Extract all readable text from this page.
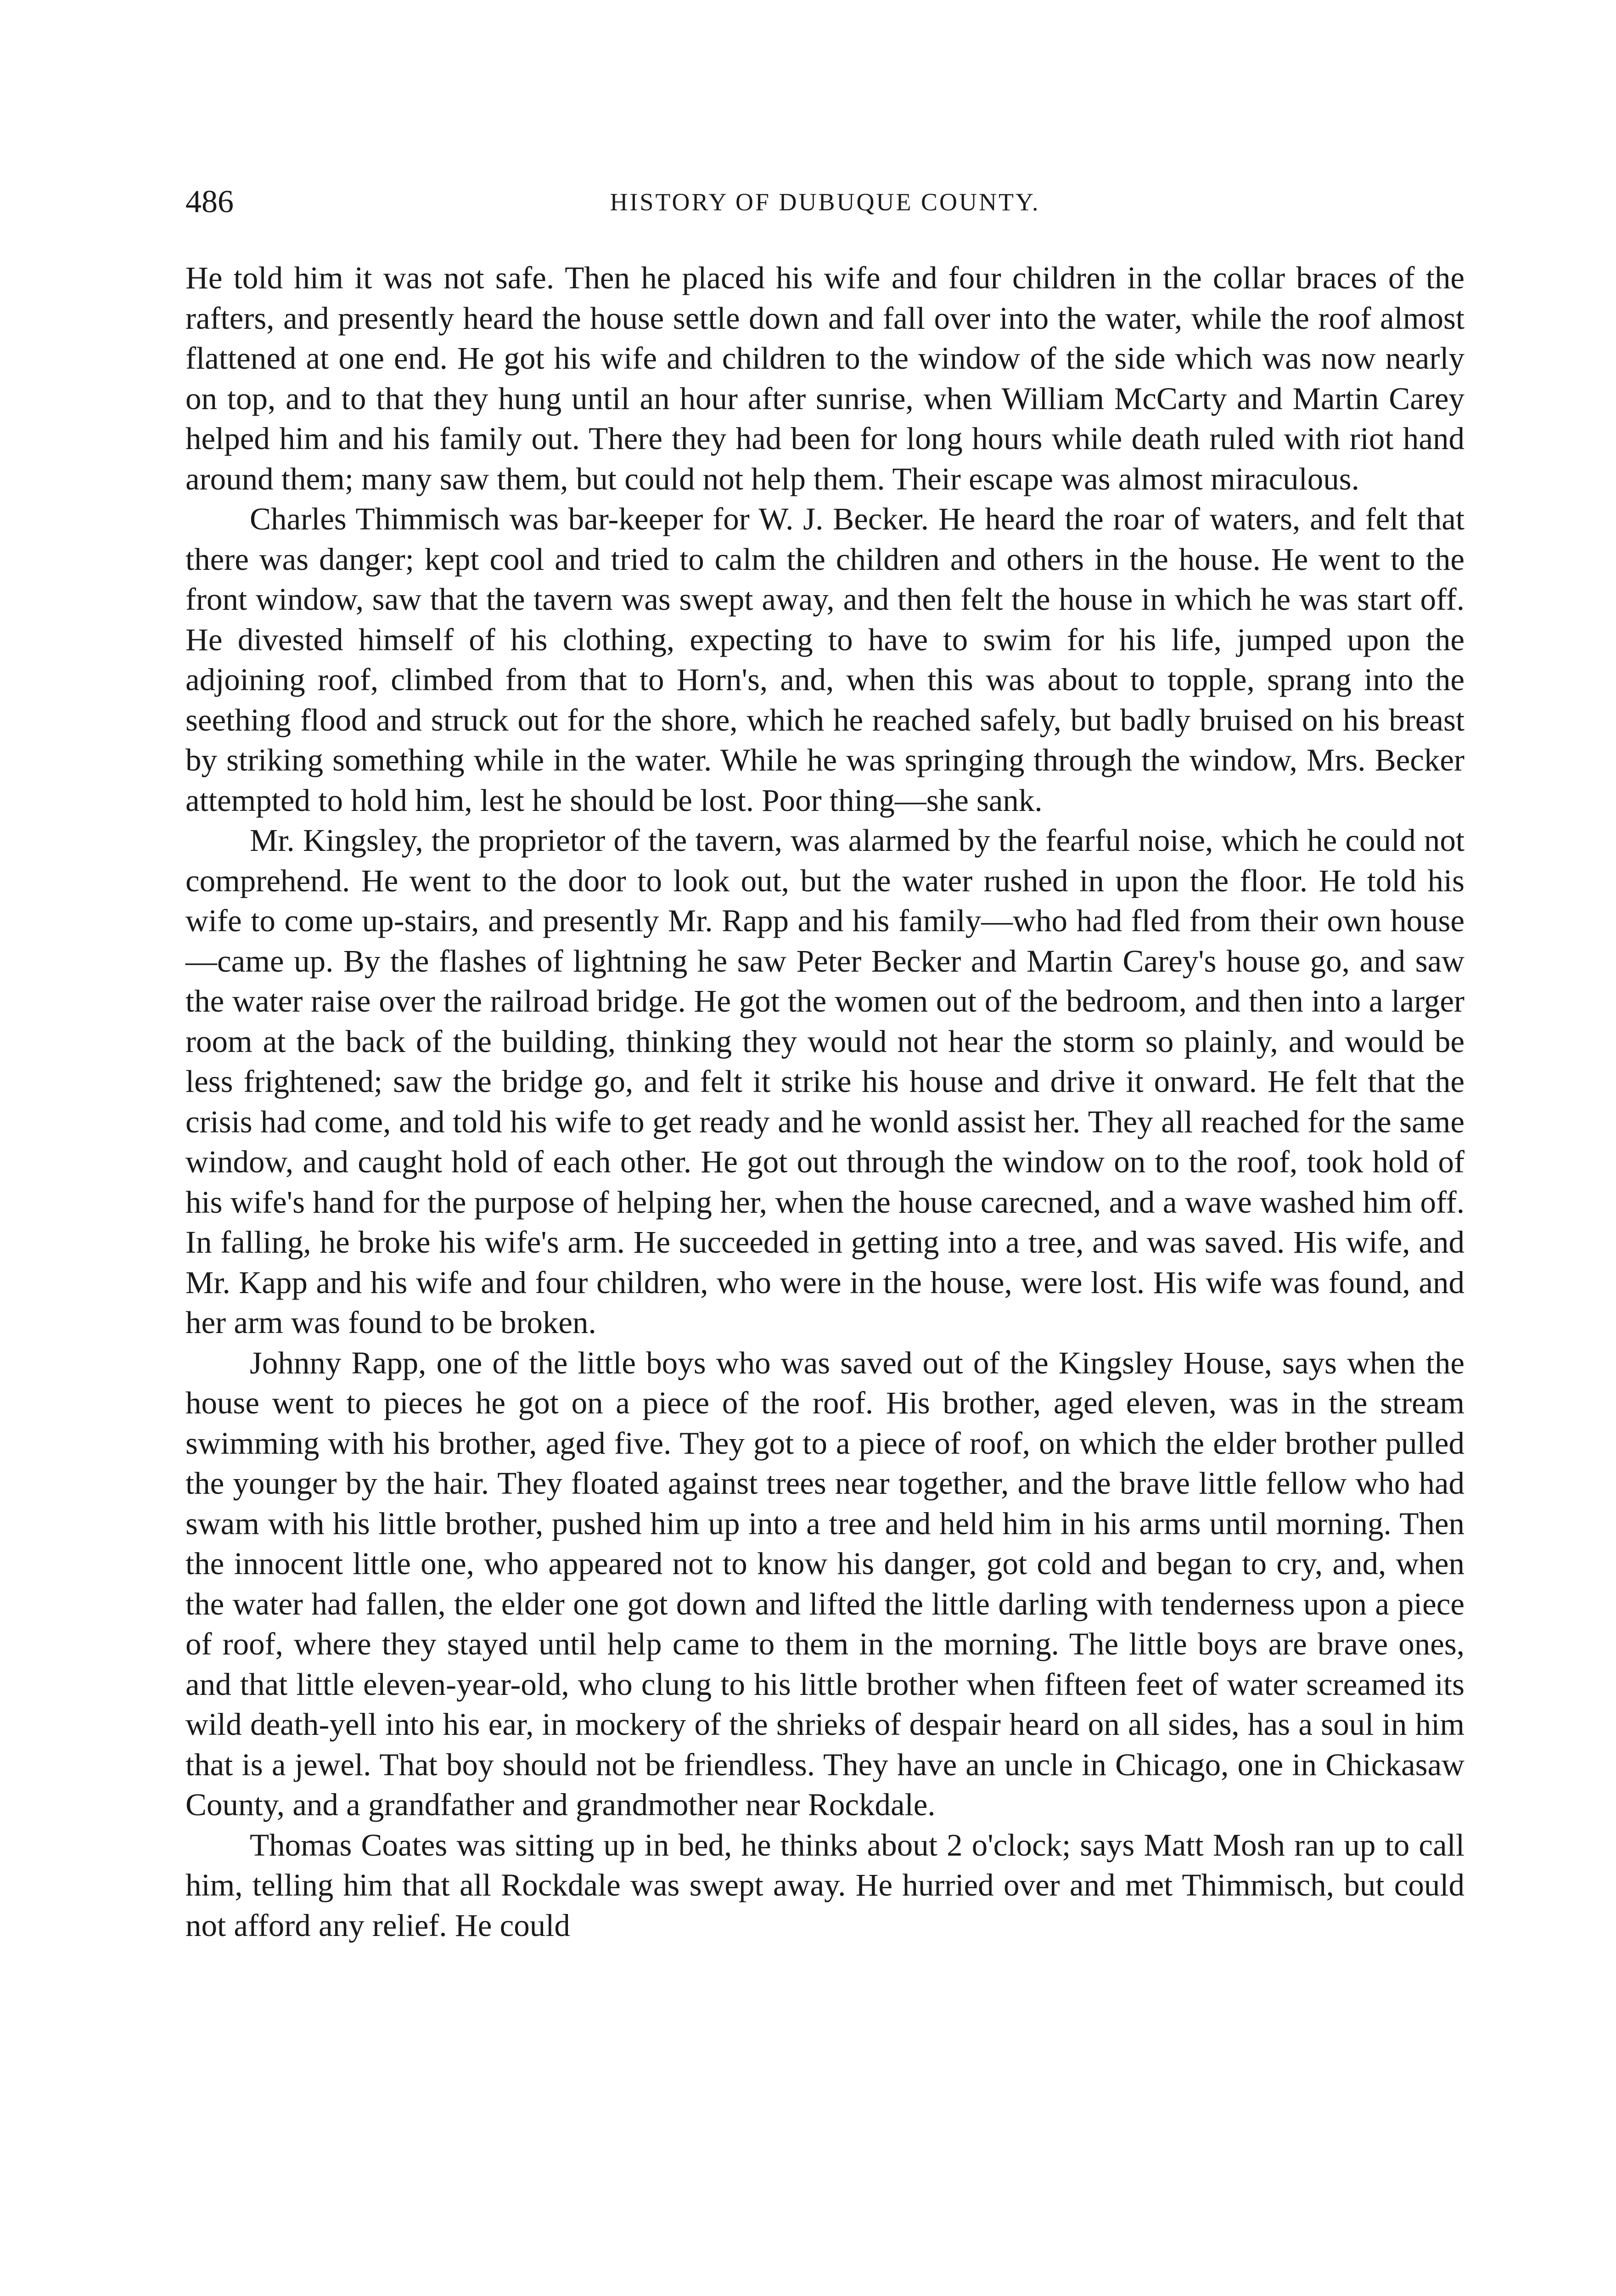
486	HISTORY OF DUBUQUE COUNTY.

He told him it was not safe. Then he placed his wife and four children in the collar braces of the rafters, and presently heard the house settle down and fall over into the water, while the roof almost flattened at one end. He got his wife and children to the window of the side which was now nearly on top, and to that they hung until an hour after sunrise, when William McCarty and Martin Carey helped him and his family out. There they had been for long hours while death ruled with riot hand around them; many saw them, but could not help them. Their escape was almost miraculous.

Charles Thimmisch was bar-keeper for W. J. Becker. He heard the roar of waters, and felt that there was danger; kept cool and tried to calm the children and others in the house. He went to the front window, saw that the tavern was swept away, and then felt the house in which he was start off. He divested himself of his clothing, expecting to have to swim for his life, jumped upon the adjoining roof, climbed from that to Horn's, and, when this was about to topple, sprang into the seething flood and struck out for the shore, which he reached safely, but badly bruised on his breast by striking something while in the water. While he was springing through the window, Mrs. Becker attempted to hold him, lest he should be lost. Poor thing—she sank.

Mr. Kingsley, the proprietor of the tavern, was alarmed by the fearful noise, which he could not comprehend. He went to the door to look out, but the water rushed in upon the floor. He told his wife to come up-stairs, and presently Mr. Rapp and his family—who had fled from their own house—came up. By the flashes of lightning he saw Peter Becker and Martin Carey's house go, and saw the water raise over the railroad bridge. He got the women out of the bedroom, and then into a larger room at the back of the building, thinking they would not hear the storm so plainly, and would be less frightened; saw the bridge go, and felt it strike his house and drive it onward. He felt that the crisis had come, and told his wife to get ready and he wonld assist her. They all reached for the same window, and caught hold of each other. He got out through the window on to the roof, took hold of his wife's hand for the purpose of helping her, when the house carecned, and a wave washed him off. In falling, he broke his wife's arm. He succeeded in getting into a tree, and was saved. His wife, and Mr. Kapp and his wife and four children, who were in the house, were lost. His wife was found, and her arm was found to be broken.

Johnny Rapp, one of the little boys who was saved out of the Kingsley House, says when the house went to pieces he got on a piece of the roof. His brother, aged eleven, was in the stream swimming with his brother, aged five. They got to a piece of roof, on which the elder brother pulled the younger by the hair. They floated against trees near together, and the brave little fellow who had swam with his little brother, pushed him up into a tree and held him in his arms until morning. Then the innocent little one, who appeared not to know his danger, got cold and began to cry, and, when the water had fallen, the elder one got down and lifted the little darling with tenderness upon a piece of roof, where they stayed until help came to them in the morning. The little boys are brave ones, and that little eleven-year-old, who clung to his little brother when fifteen feet of water screamed its wild death-yell into his ear, in mockery of the shrieks of despair heard on all sides, has a soul in him that is a jewel. That boy should not be friendless. They have an uncle in Chicago, one in Chickasaw County, and a grandfather and grandmother near Rockdale.

Thomas Coates was sitting up in bed, he thinks about 2 o'clock; says Matt Mosh ran up to call him, telling him that all Rockdale was swept away. He hurried over and met Thimmisch, but could not afford any relief. He could
